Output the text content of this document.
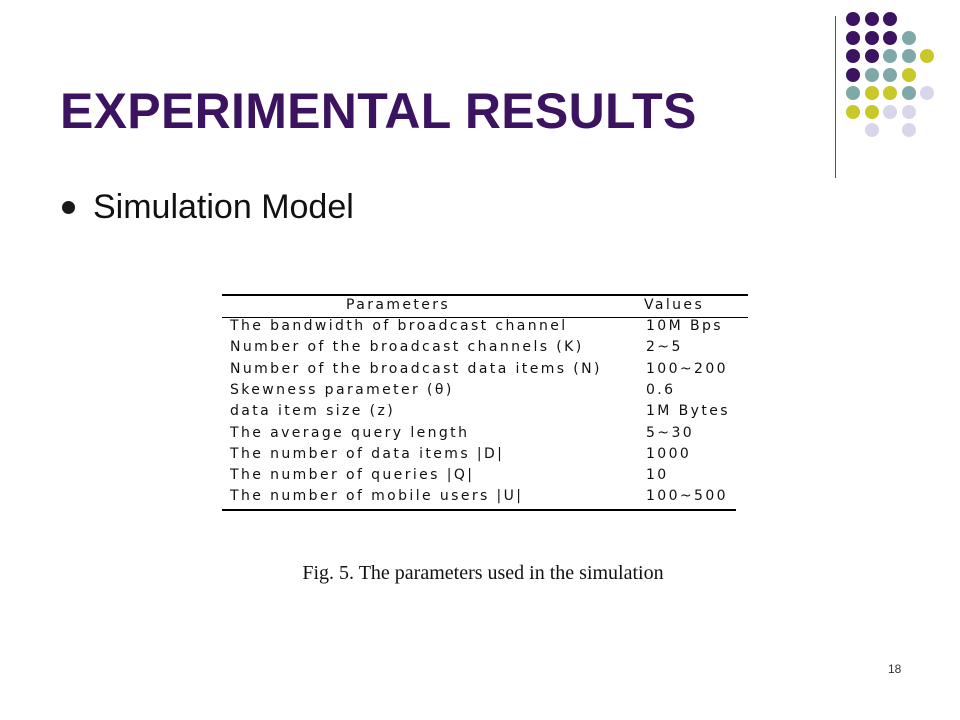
EXPERIMENTAL RESULTS
Simulation Model
Parameters	Values
The bandwidth of broadcast channel	10M Bps
Number of the broadcast channels (K)	2~5
Number of the broadcast data items (N)	100~200
Skewness parameter (θ)	0.6
data item size (z)	1M Bytes
The average query length	5~30
The number of data items |D|	1000
The number of queries |Q|	10
The number of mobile users |U|	100~500
Fig. 5. The parameters used in the simulation
18
